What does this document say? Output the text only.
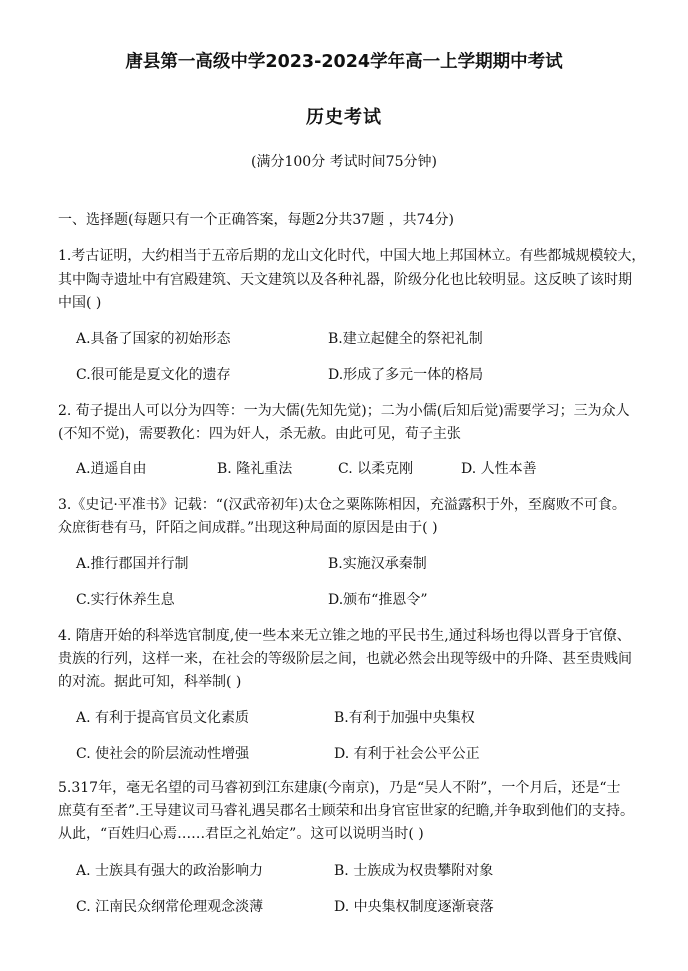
唐县第一高级中学2023-2024学年高一上学期期中考试
历史考试
(满分100分 考试时间75分钟)
一、选择题(每题只有一个正确答案，每题2分共37题 ，共74分)
1.考古证明，大约相当于五帝后期的龙山文化时代，中国大地上邦国林立。有些都城规模较大，
其中陶寺遗址中有宫殿建筑、天文建筑以及各种礼器，阶级分化也比较明显。这反映了该时期
中国( )
A.具备了国家的初始形态	B.建立起健全的祭祀礼制
C.很可能是夏文化的遗存	D.形成了多元一体的格局
2. 荀子提出人可以分为四等：一为大儒(先知先觉)；二为小儒(后知后觉)需要学习；三为众人
(不知不觉)，需要教化：四为奸人，杀无赦。由此可见，荀子主张
A.逍遥自由	B. 隆礼重法	C. 以柔克刚	D. 人性本善
3.《史记·平准书》记载：“(汉武帝初年)太仓之粟陈陈相因，充溢露积于外，至腐败不可食。
众庶街巷有马，阡陌之间成群。”出现这种局面的原因是由于( )
A.推行郡国并行制	B.实施汉承秦制
C.实行休养生息	D.颁布“推恩令”
4. 隋唐开始的科举选官制度,使一些本来无立锥之地的平民书生,通过科场也得以晋身于官僚、
贵族的行列，这样一来，在社会的等级阶层之间，也就必然会出现等级中的升降、甚至贵贱间
的对流。据此可知，科举制( )
A. 有利于提高官员文化素质	B.有利于加强中央集权
C. 使社会的阶层流动性增强	D. 有利于社会公平公正
5.317年，毫无名望的司马睿初到江东建康(今南京)，乃是“吴人不附”，一个月后，还是“士
庶莫有至者”.王导建议司马睿礼遇吴郡名士顾荣和出身官宦世家的纪瞻,并争取到他们的支持。
从此，“百姓归心焉……君臣之礼始定”。这可以说明当时( )
A. 士族具有强大的政治影响力	B. 士族成为权贵攀附对象
C. 江南民众纲常伦理观念淡薄	D. 中央集权制度逐渐衰落
